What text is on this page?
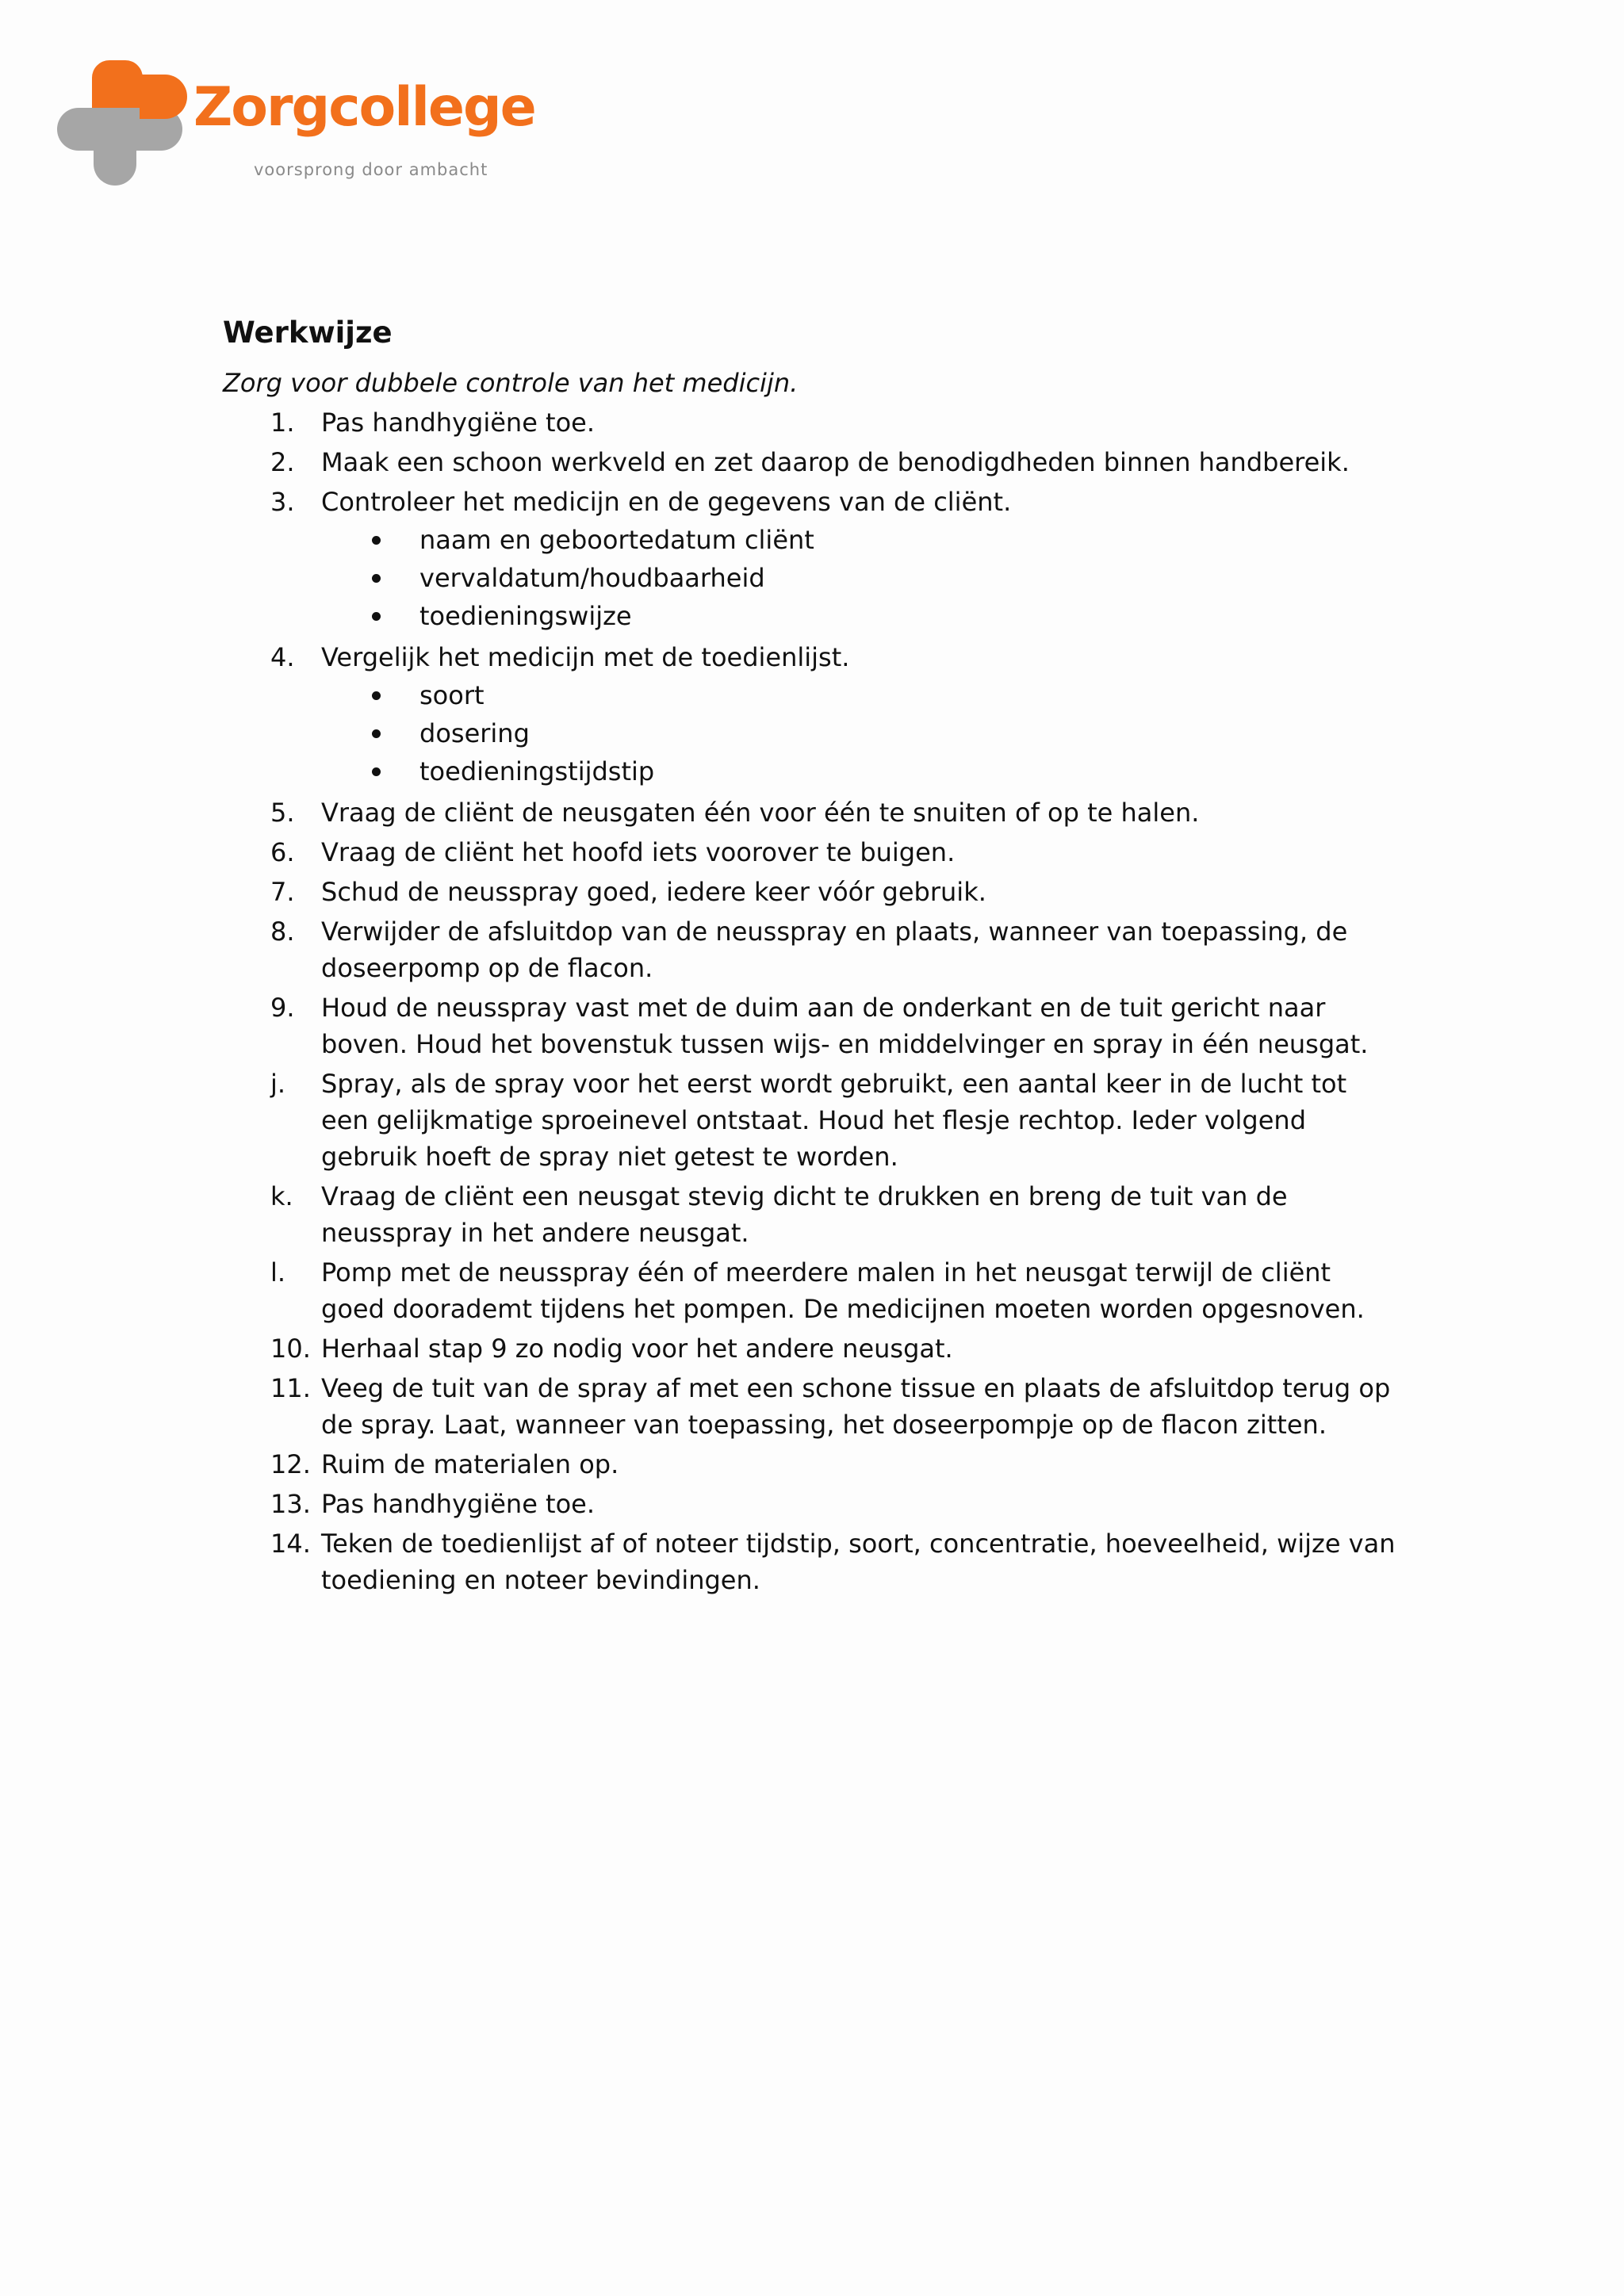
Zorgcollege
voorsprong door ambacht
Werkwijze
Zorg voor dubbele controle van het medicijn.
1. Pas handhygiëne toe.
2. Maak een schoon werkveld en zet daarop de benodigdheden binnen handbereik.
3. Controleer het medicijn en de gegevens van de cliënt.
naam en geboortedatum cliënt
vervaldatum/houdbaarheid
toedieningswijze
4. Vergelijk het medicijn met de toedienlijst.
soort
dosering
toedieningstijdstip
5. Vraag de cliënt de neusgaten één voor één te snuiten of op te halen.
6. Vraag de cliënt het hoofd iets voorover te buigen.
7. Schud de neusspray goed, iedere keer vóór gebruik.
8. Verwijder de afsluitdop van de neusspray en plaats, wanneer van toepassing, de doseerpomp op de flacon.
9. Houd de neusspray vast met de duim aan de onderkant en de tuit gericht naar boven. Houd het bovenstuk tussen wijs- en middelvinger en spray in één neusgat.
j. Spray, als de spray voor het eerst wordt gebruikt, een aantal keer in de lucht tot een gelijkmatige sproeinevel ontstaat. Houd het flesje rechtop. Ieder volgend gebruik hoeft de spray niet getest te worden.
k. Vraag de cliënt een neusgat stevig dicht te drukken en breng de tuit van de neusspray in het andere neusgat.
l. Pomp met de neusspray één of meerdere malen in het neusgat terwijl de cliënt goed doorademt tijdens het pompen. De medicijnen moeten worden opgesnoven.
10. Herhaal stap 9 zo nodig voor het andere neusgat.
11. Veeg de tuit van de spray af met een schone tissue en plaats de afsluitdop terug op de spray. Laat, wanneer van toepassing, het doseerpompje op de flacon zitten.
12. Ruim de materialen op.
13. Pas handhygiëne toe.
14. Teken de toedienlijst af of noteer tijdstip, soort, concentratie, hoeveelheid, wijze van toediening en noteer bevindingen.
